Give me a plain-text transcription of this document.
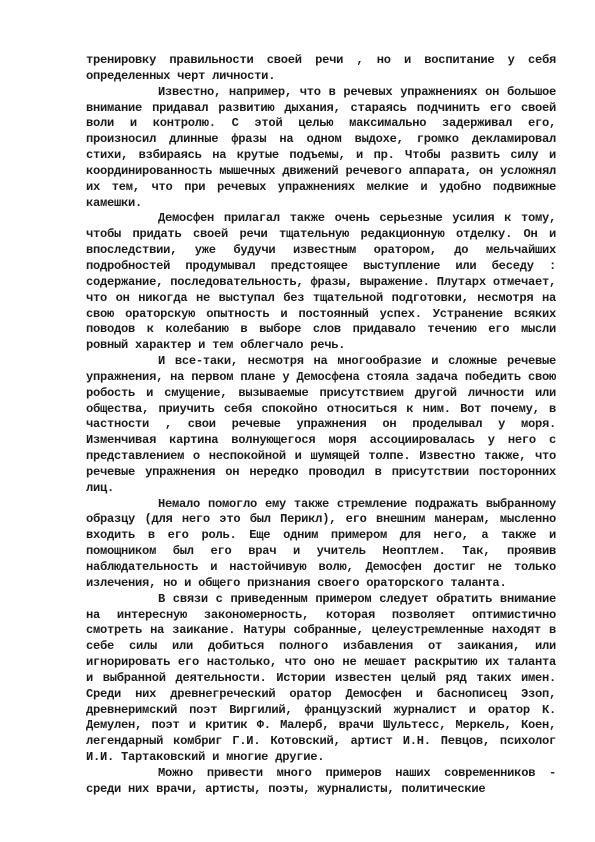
тренировку правильности своей речи , но и воспитание у себя определенных черт личности.

Известно, например, что в речевых упражнениях он большое внимание придавал развитию дыхания, стараясь подчинить его своей воли и контролю. С этой целью максимально задерживал его, произносил длинные фразы на одном выдохе, громко декламировал стихи, взбираясь на крутые подъемы, и пр. Чтобы развить силу и координированность мышечных движений речевого аппарата, он усложнял их тем, что при речевых упражнениях мелкие и удобно подвижные камешки.

Демосфен прилагал также очень серьезные усилия к тому, чтобы придать своей речи тщательную редакционную отделку. Он и впоследствии, уже будучи известным оратором, до мельчайших подробностей продумывал предстоящее выступление или беседу : содержание, последовательность, фразы, выражение. Плутарх отмечает, что он никогда не выступал без тщательной подготовки, несмотря на свою ораторскую опытность и постоянный успех. Устранение всяких поводов к колебанию в выборе слов придавало течению его мысли ровный характер и тем облегчало речь.

И все-таки, несмотря на многообразие и сложные речевые упражнения, на первом плане у Демосфена стояла задача победить свою робость и смущение, вызываемые присутствием другой личности или общества, приучить себя спокойно относиться к ним. Вот почему, в частности , свои речевые упражнения он проделывал у моря. Изменчивая картина волнующегося моря ассоциировалась у него с представлением о неспокойной и шумящей толпе. Известно также, что речевые упражнения он нередко проводил в присутствии посторонних лиц.

Немало помогло ему также стремление подражать выбранному образцу (для него это был Перикл), его внешним манерам, мысленно входить в его роль. Еще одним примером для него, а также и помощником был его врач и учитель Неоптлем. Так, проявив наблюдательность и настойчивую волю, Демосфен достиг не только излечения, но и общего признания своего ораторского таланта.

В связи с приведенным примером следует обратить внимание на интересную закономерность, которая позволяет оптимистично смотреть на заикание. Натуры собранные, целеустремленные находят в себе силы или добиться полного избавления от заикания, или игнорировать его настолько, что оно не мешает раскрытию их таланта и выбранной деятельности. Истории известен целый ряд таких имен. Среди них древнегреческий оратор Демосфен и баснописец Эзоп, древнеримский поэт Виргилий, французский журналист и оратор К. Демулен, поэт и критик Ф. Малерб, врачи Шультесс, Меркель, Коен, легендарный комбриг Г.И. Котовский, артист И.Н. Певцов, психолог И.И. Тартаковский и многие другие.

Можно привести много примеров наших современников - среди них врачи, артисты, поэты, журналисты, политические
